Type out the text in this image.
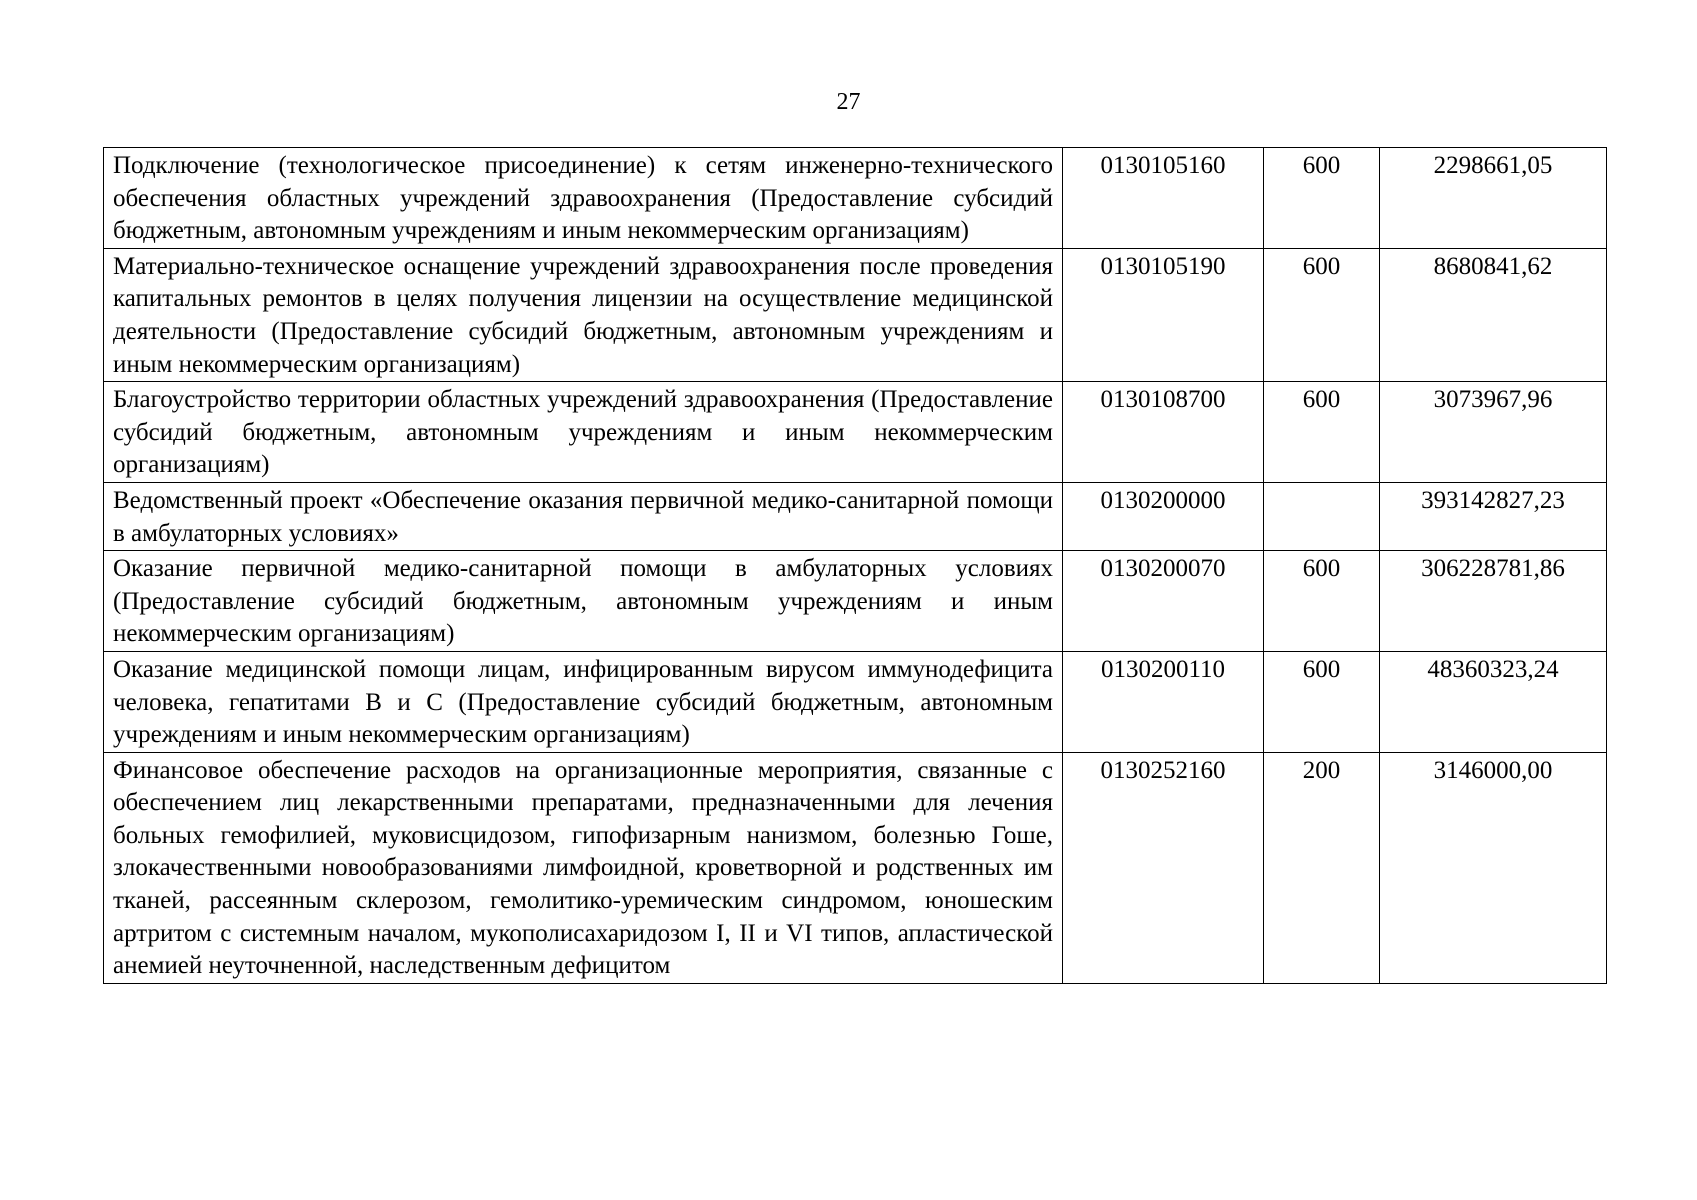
27
Подключение (технологическое присоединение) к сетям инженерно-технического обеспечения областных учреждений здравоохранения (Предоставление субсидий бюджетным, автономным учреждениям и иным некоммерческим организациям)	0130105160	600	2298661,05
Материально-техническое оснащение учреждений здравоохранения после проведения капитальных ремонтов в целях получения лицензии на осуществление медицинской деятельности (Предоставление субсидий бюджетным, автономным учреждениям и иным некоммерческим организациям)	0130105190	600	8680841,62
Благоустройство территории областных учреждений здравоохранения (Предоставление субсидий бюджетным, автономным учреждениям и иным некоммерческим организациям)	0130108700	600	3073967,96
Ведомственный проект «Обеспечение оказания первичной медико-санитарной помощи в амбулаторных условиях»	0130200000		393142827,23
Оказание первичной медико-санитарной помощи в амбулаторных условиях (Предоставление субсидий бюджетным, автономным учреждениям и иным некоммерческим организациям)	0130200070	600	306228781,86
Оказание медицинской помощи лицам, инфицированным вирусом иммунодефицита человека, гепатитами B и C (Предоставление субсидий бюджетным, автономным учреждениям и иным некоммерческим организациям)	0130200110	600	48360323,24
Финансовое обеспечение расходов на организационные мероприятия, связанные с обеспечением лиц лекарственными препаратами, предназначенными для лечения больных гемофилией, муковисцидозом, гипофизарным нанизмом, болезнью Гоше, злокачественными новообразованиями лимфоидной, кроветворной и родственных им тканей, рассеянным склерозом, гемолитико-уремическим синдромом, юношеским артритом с системным началом, мукополисахаридозом I, II и VI типов, апластической анемией неуточненной, наследственным дефицитом	0130252160	200	3146000,00
